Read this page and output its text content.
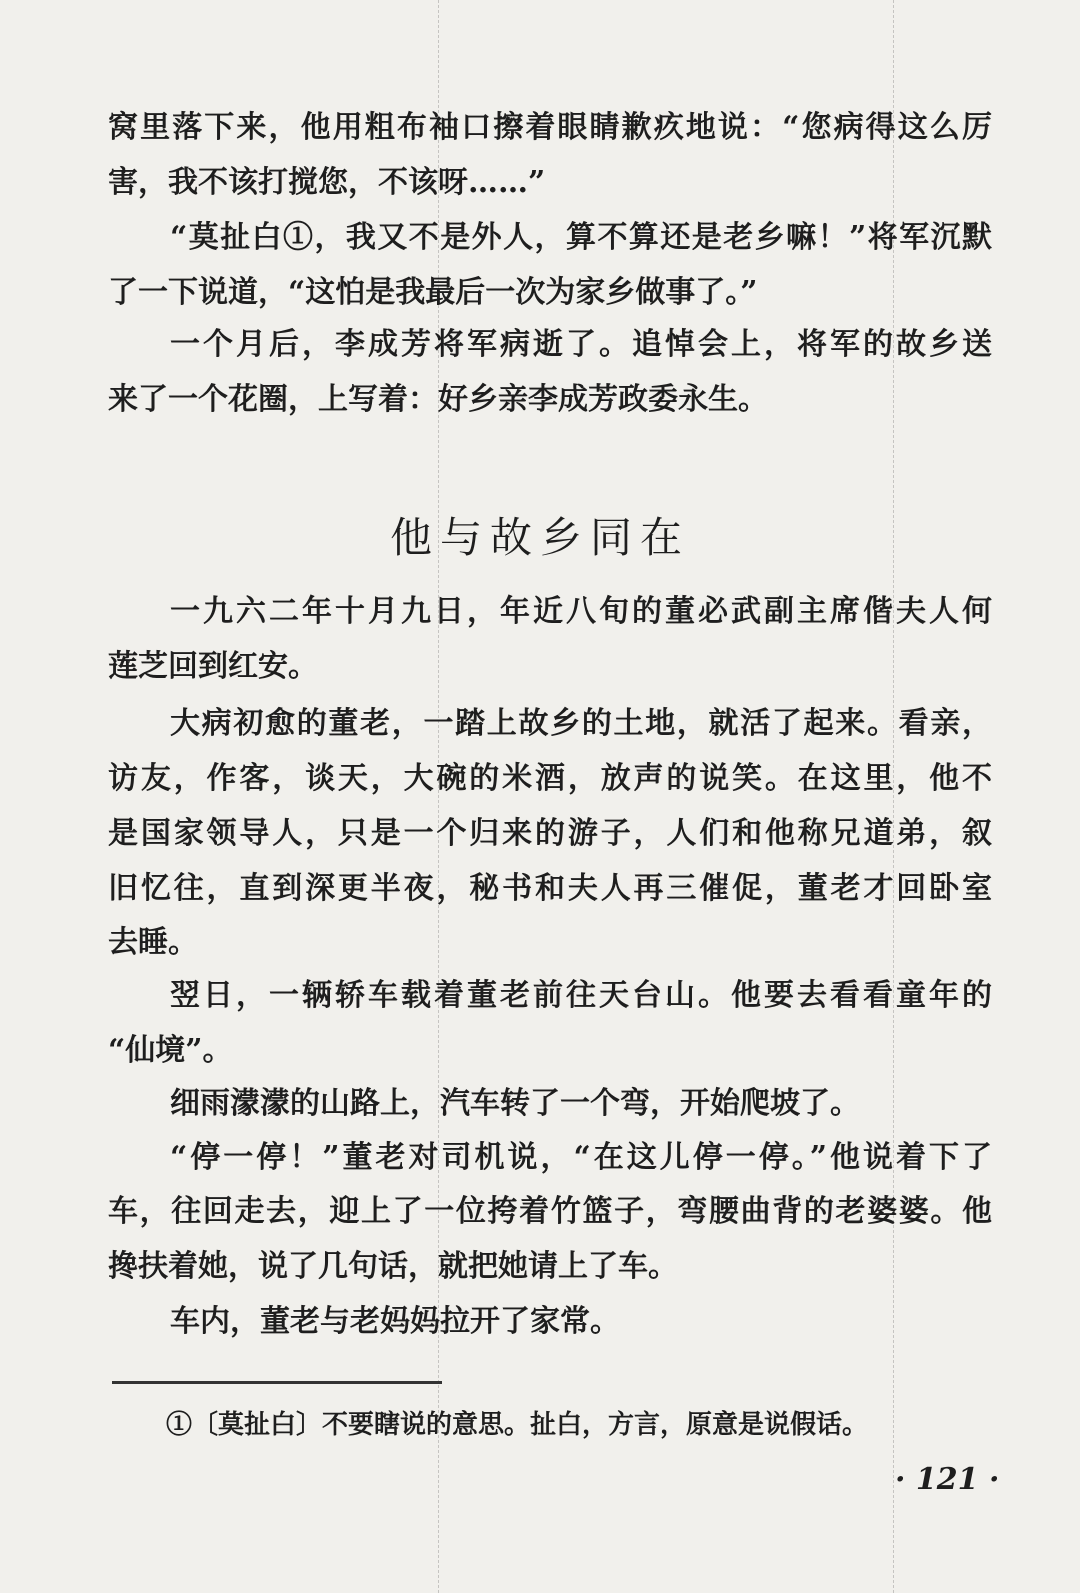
窝里落下来，他用粗布袖口擦着眼睛歉疚地说：“您病得这么厉
害，我不该打搅您，不该呀……”
“莫扯白①，我又不是外人，算不算还是老乡嘛！”将军沉默
了一下说道，“这怕是我最后一次为家乡做事了。”
一个月后，李成芳将军病逝了。追悼会上，将军的故乡送
来了一个花圈，上写着：好乡亲李成芳政委永生。
他与故乡同在
一九六二年十月九日，年近八旬的董必武副主席偕夫人何
莲芝回到红安。
大病初愈的董老，一踏上故乡的土地，就活了起来。看亲，
访友，作客，谈天，大碗的米酒，放声的说笑。在这里，他不
是国家领导人，只是一个归来的游子，人们和他称兄道弟，叙
旧忆往，直到深更半夜，秘书和夫人再三催促，董老才回卧室
去睡。
翌日，一辆轿车载着董老前往天台山。他要去看看童年的
“仙境”。
细雨濛濛的山路上，汽车转了一个弯，开始爬坡了。
“停一停！”董老对司机说，“在这儿停一停。”他说着下了
车，往回走去，迎上了一位挎着竹篮子，弯腰曲背的老婆婆。他
搀扶着她，说了几句话，就把她请上了车。
车内，董老与老妈妈拉开了家常。
①〔莫扯白〕不要瞎说的意思。扯白，方言，原意是说假话。
· 121 ·
